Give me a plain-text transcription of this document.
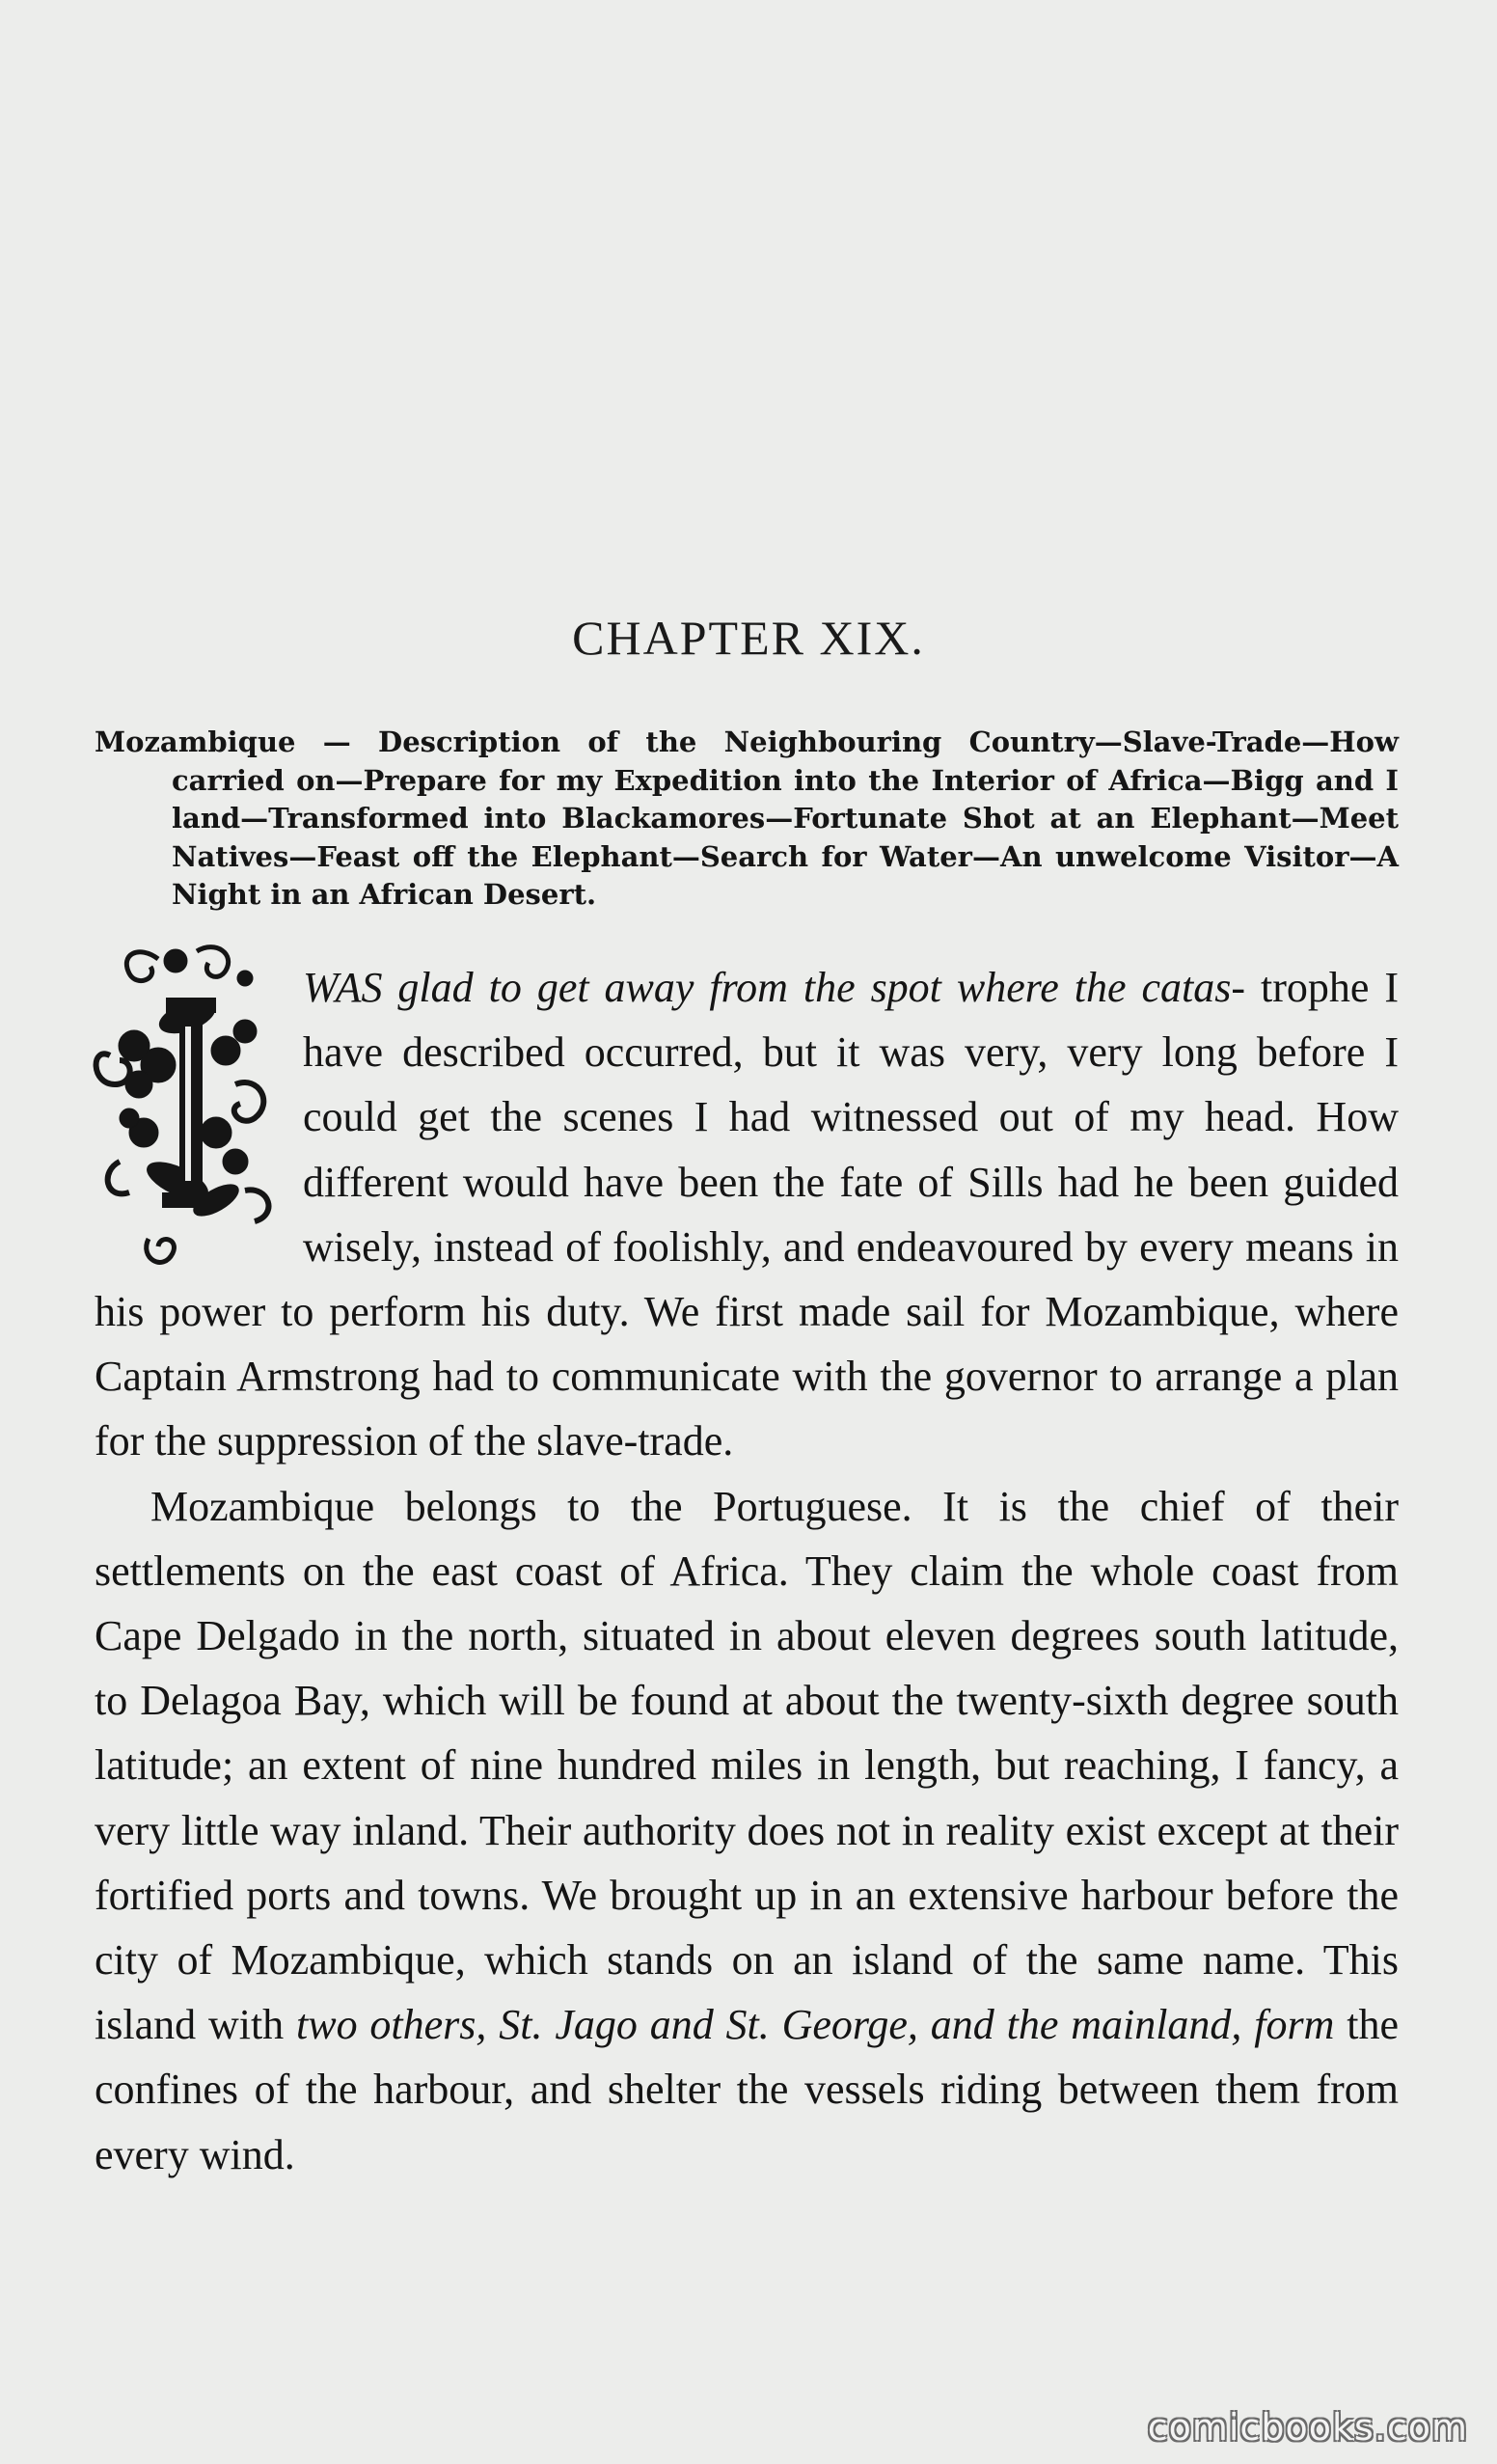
CHAPTER XIX.
Mozambique — Description of the Neighbouring Country—Slave-Trade—How carried on—Prepare for my Expedition into the Interior of Africa—Bigg and I land—Transformed into Blackamores—Fortunate Shot at an Elephant—Meet Natives—Feast off the Elephant—Search for Water—An unwelcome Visitor—A Night in an African Desert.

WAS glad to get away from the spot where the catas- trophe I have described occurred, but it was very, very long before I could get the scenes I had witnessed out of my head. How different would have been the fate of Sills had he been guided wisely, instead of foolishly, and endeavoured by every means in his power to perform his duty. We first made sail for Mozambique, where Captain Armstrong had to communicate with the governor to arrange a plan for the suppression of the slave-trade.

Mozambique belongs to the Portuguese. It is the chief of their settlements on the east coast of Africa. They claim the whole coast from Cape Delgado in the north, situated in about eleven degrees south latitude, to Delagoa Bay, which will be found at about the twenty-sixth degree south latitude; an extent of nine hundred miles in length, but reaching, I fancy, a very little way inland. Their authority does not in reality exist except at their fortified ports and towns. We brought up in an extensive harbour before the city of Mozambique, which stands on an island of the same name. This island with two others, St. Jago and St. George, and the mainland, form the confines of the harbour, and shelter the vessels riding between them from every wind.

comicbooks.com
